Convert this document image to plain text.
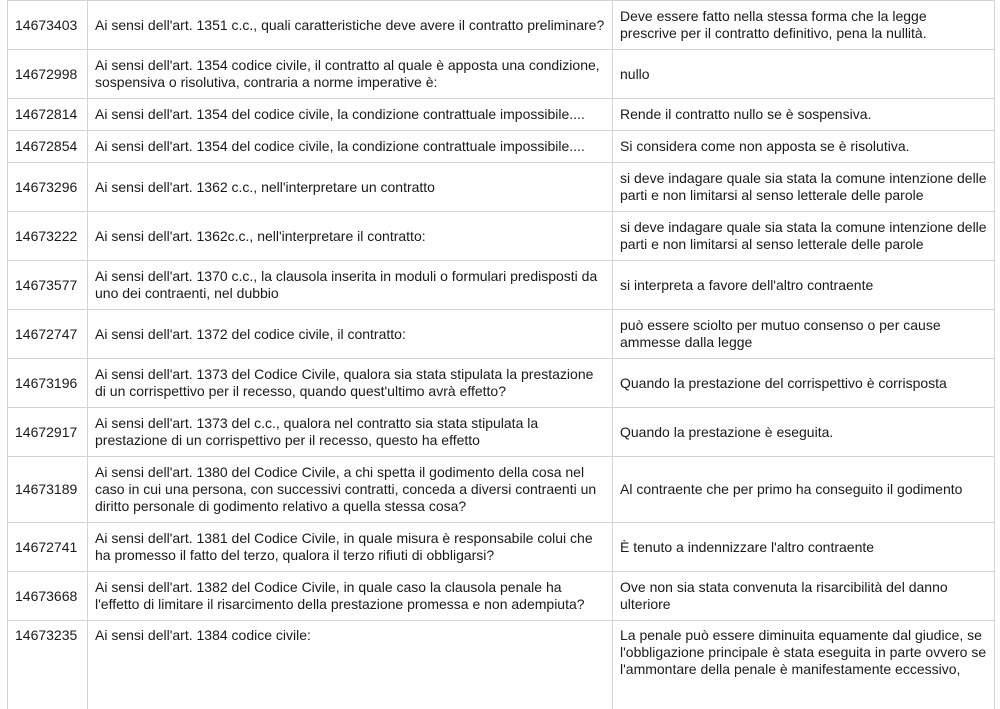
14673403	Ai sensi dell'art. 1351 c.c., quali caratteristiche deve avere il contratto preliminare?	Deve essere fatto nella stessa forma che la legge prescrive per il contratto definitivo, pena la nullità.
14672998	Ai sensi dell'art. 1354 codice civile, il contratto al quale è apposta una condizione, sospensiva o risolutiva, contraria a norme imperative è:	nullo
14672814	Ai sensi dell'art. 1354 del codice civile, la condizione contrattuale impossibile....	Rende il contratto nullo se è sospensiva.
14672854	Ai sensi dell'art. 1354 del codice civile, la condizione contrattuale impossibile....	Si considera come non apposta se è risolutiva.
14673296	Ai sensi dell'art. 1362 c.c., nell'interpretare un contratto	si deve indagare quale sia stata la comune intenzione delle parti e non limitarsi al senso letterale delle parole
14673222	Ai sensi dell'art. 1362c.c., nell'interpretare il contratto:	si deve indagare quale sia stata la comune intenzione delle parti e non limitarsi al senso letterale delle parole
14673577	Ai sensi dell'art. 1370 c.c., la clausola inserita in moduli o formulari predisposti da uno dei contraenti, nel dubbio	si interpreta a favore dell'altro contraente
14672747	Ai sensi dell'art. 1372 del codice civile, il contratto:	può essere sciolto per mutuo consenso o per cause ammesse dalla legge
14673196	Ai sensi dell'art. 1373 del Codice Civile, qualora sia stata stipulata la prestazione di un corrispettivo per il recesso, quando quest'ultimo avrà effetto?	Quando la prestazione del corrispettivo è corrisposta
14672917	Ai sensi dell'art. 1373 del c.c., qualora nel contratto sia stata stipulata la prestazione di un corrispettivo per il recesso, questo ha effetto	Quando la prestazione è eseguita.
14673189	Ai sensi dell'art. 1380 del Codice Civile, a chi spetta il godimento della cosa nel caso in cui una persona, con successivi contratti, conceda a diversi contraenti un diritto personale di godimento relativo a quella stessa cosa?	Al contraente che per primo ha conseguito il godimento
14672741	Ai sensi dell'art. 1381 del Codice Civile, in quale misura è responsabile colui che ha promesso il fatto del terzo, qualora il terzo rifiuti di obbligarsi?	È tenuto a indennizzare l'altro contraente
14673668	Ai sensi dell'art. 1382 del Codice Civile, in quale caso la clausola penale ha l'effetto di limitare il risarcimento della prestazione promessa e non adempiuta?	Ove non sia stata convenuta la risarcibilità del danno ulteriore
14673235	Ai sensi dell'art. 1384 codice civile:	La penale può essere diminuita equamente dal giudice, se l'obbligazione principale è stata eseguita in parte ovvero se l'ammontare della penale è manifestamente eccessivo,
